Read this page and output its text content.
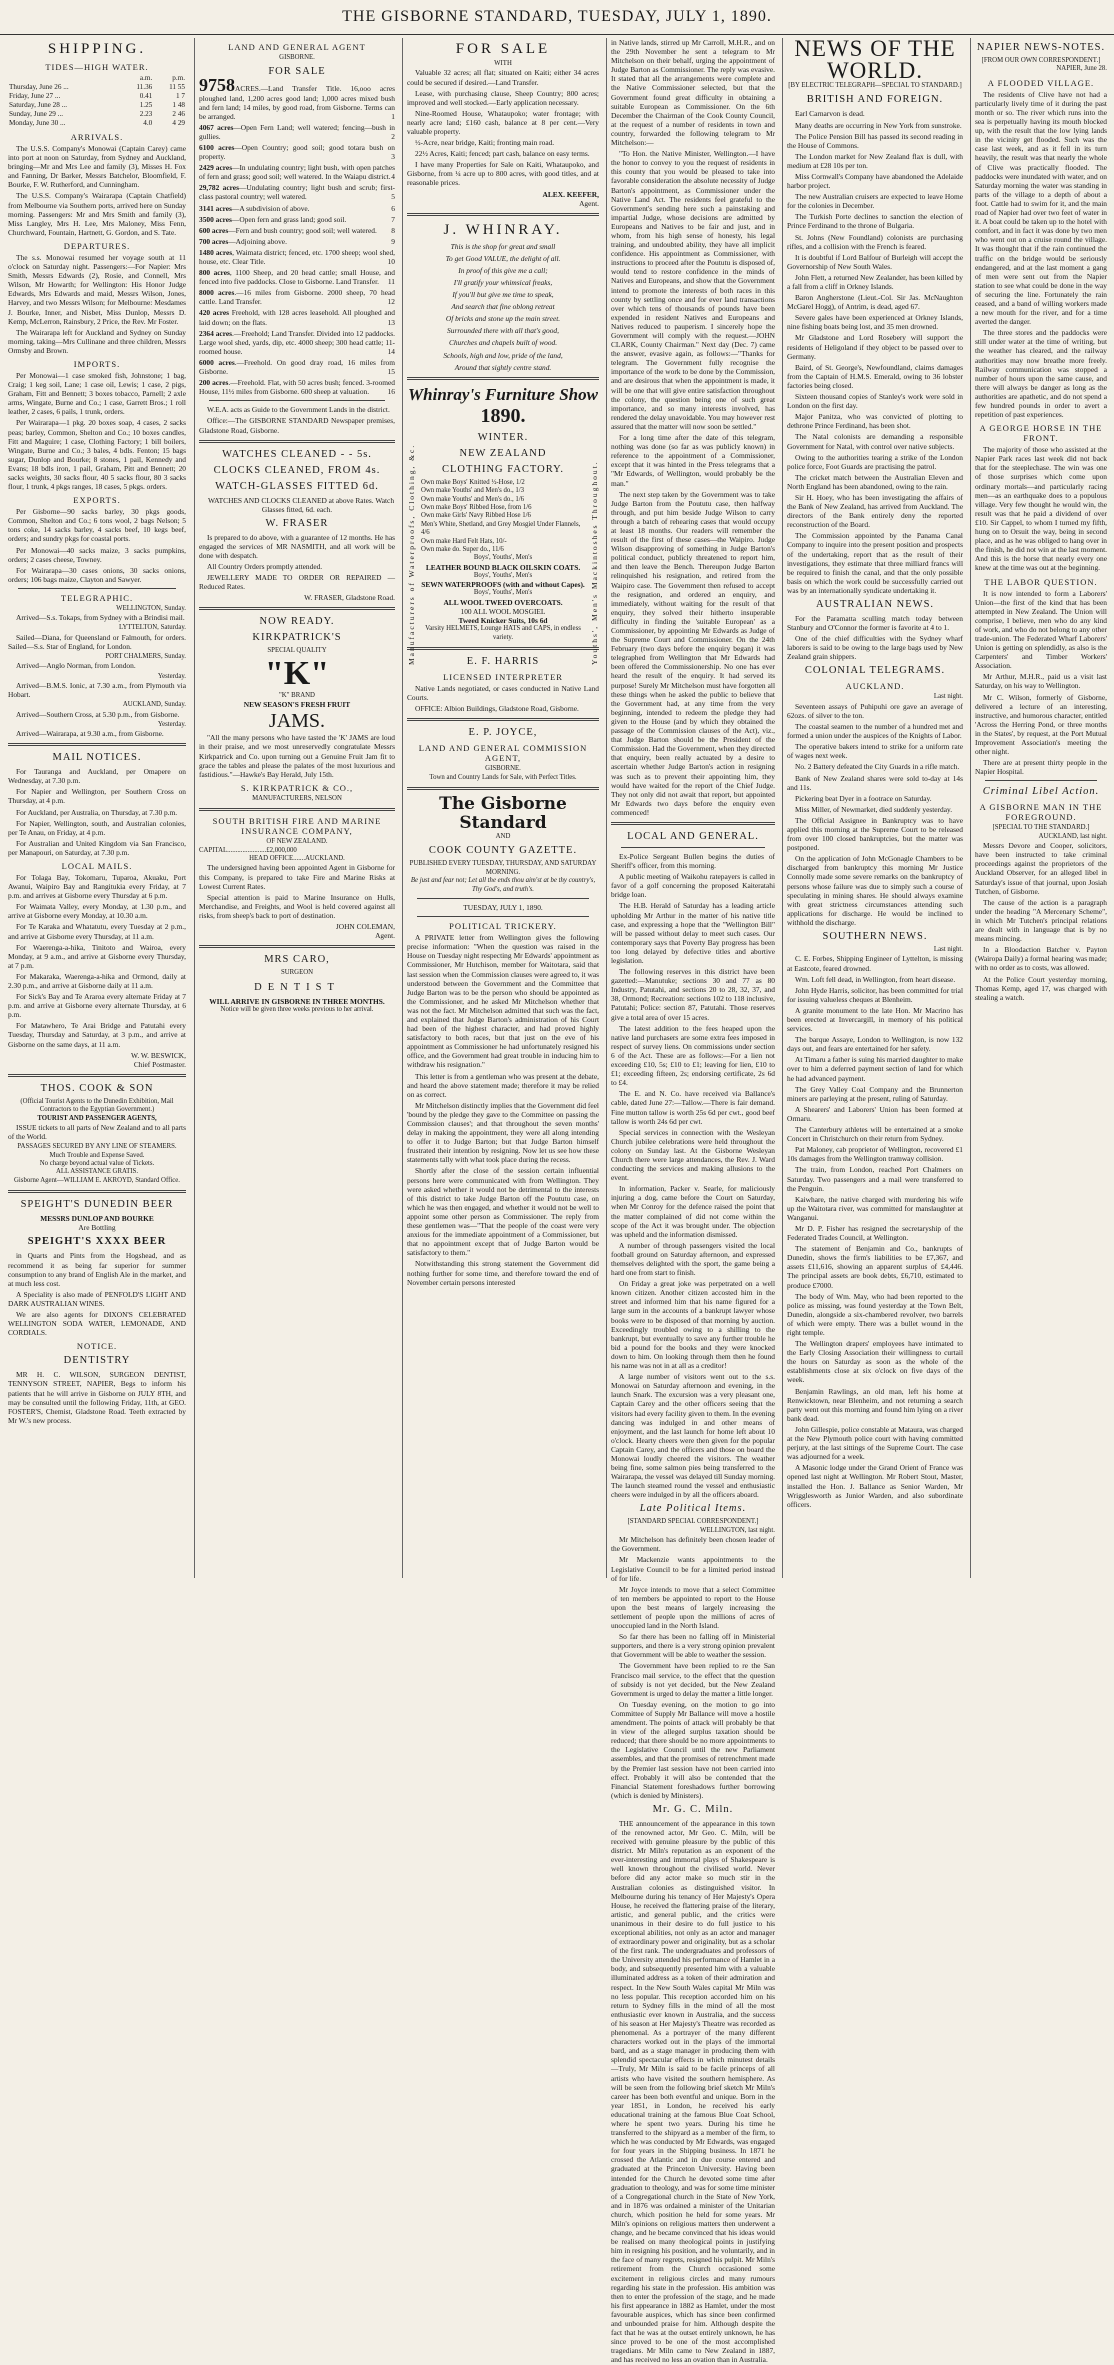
THE GISBORNE STANDARD, TUESDAY, JULY 1, 1890.
SHIPPING.
TIDES—HIGH WATER.
	a.m.	p.m.
Thursday, June 26 ...	11.36	11 55
Friday, June 27 ...	0.41	1 7
Saturday, June 28 ...	1.25	1 48
Sunday, June 29 ...	2.23	2 46
Monday, June 30 ...	4.0	4 29
ARRIVALS.

The U.S.S. Company's Monowai (Captain Carey) came into port at noon on Saturday, from Sydney and Auckland, bringing—Mr and Mrs Lee and family (3), Misses H. Fox and Fanning, Dr Barker, Messrs Batchelor, Bloomfield, F. Bourke, F. W. Rutherford, and Cunningham.

The U.S.S. Company's Wairarapa (Captain Chatfield) from Melbourne via Southern ports, arrived here on Sunday morning. Passengers: Mr and Mrs Smith and family (3), Miss Langley, Mrs H. Lee, Mrs Maloney, Miss Fenn, Churchward, Fountain, Hartnett, G. Gordon, and S. Tate.

DEPARTURES.

The s.s. Monowai resumed her voyage south at 11 o'clock on Saturday night. Passengers:—For Napier: Mrs Smith, Messrs Edwards (2), Rosie, and Connell, Mrs Wilson, Mr Howarth; for Wellington: His Honor Judge Edwards, Mrs Edwards and maid, Messrs Wilson, Jones, Harvey, and two Messrs Wilson; for Melbourne: Mesdames J. Bourke, Inner, and Nisbet, Miss Dunlop, Messrs D. Kemp, McLerron, Rainsbury, 2 Price, the Rev. Mr Foster.

The Wairarapa left for Auckland and Sydney on Sunday morning, taking—Mrs Cullinane and three children, Messrs Ormsby and Brown.

IMPORTS.

Per Monowai—1 case smoked fish, Johnstone; 1 bag, Craig; 1 keg soil, Lane; 1 case oil, Lewis; 1 case, 2 pigs, Graham, Fitt and Bennett; 3 boxes tobacco, Parnell; 2 axle arms, Wingate, Burne and Co.; 1 case, Garrett Bros.; 1 roll leather, 2 cases, 6 pails, 1 trunk, orders.

Per Wairarapa—1 pkg. 20 boxes soap, 4 cases, 2 sacks peas; barley, Common, Shelton and Co.; 10 boxes candles, Fitt and Maguire; 1 case, Clothing Factory; 1 bill boilers, Wingate, Burne and Co.; 3 bales, 4 bdls. Fenton; 15 bags sugar, Dunlop and Bourke; 8 stones, 1 pail, Kennedy and Evans; 18 bdls iron, 1 pail, Graham, Pitt and Bennett; 20 sacks weights, 30 sacks flour, 40 5 sacks flour, 80 3 sacks flour, 1 trunk, 4 pkgs ranges, 18 cases, 5 pkgs. orders.

EXPORTS.

Per Gisborne—90 sacks barley, 30 pkgs goods, Common, Shelton and Co.; 6 tons wool, 2 bags Nelson; 5 tons coke, 14 sacks barley, 4 sacks beef, 10 kegs beef, orders; and sundry pkgs for coastal ports.

Per Monowai—40 sacks maize, 3 sacks pumpkins, orders; 2 cases cheese, Towney.

For Wairarapa—30 cases onions, 30 sacks onions, orders; 106 bags maize, Clayton and Sawyer.

TELEGRAPHIC.
WELLINGTON, Sunday.

Arrived—S.s. Tokaps, from Sydney with a Brindisi mail.

LYTTELTON, Saturday.

Sailed—Diana, for Queensland or Falmouth, for orders. Sailed—S.s. Star of England, for London.

PORT CHALMERS, Sunday.

Arrived—Anglo Norman, from London.

Yesterday.

Arrived—B.M.S. Ionic, at 7.30 a.m., from Plymouth via Hobart.

AUCKLAND, Sunday.

Arrived—Southern Cross, at 5.30 p.m., from Gisborne.

Yesterday.

Arrived—Wairarapa, at 9.30 a.m., from Gisborne.

MAIL NOTICES.

For Tauranga and Auckland, per Omapere on Wednesday, at 7.30 p.m.

For Napier and Wellington, per Southern Cross on Thursday, at 4 p.m.

For Auckland, per Australia, on Thursday, at 7.30 p.m.

For Napier, Wellington, south, and Australian colonies, per Te Anau, on Friday, at 4 p.m.

For Australian and United Kingdom via San Francisco, per Manapouri, on Saturday, at 7.30 p.m.

LOCAL MAILS.

For Tolaga Bay, Tokomaru, Tuparoa, Akuaku, Port Awanui, Waipiro Bay and Rangitukia every Friday, at 7 p.m. and arrives at Gisborne every Thursday at 6 p.m.

For Waimata Valley, every Monday, at 1.30 p.m., and arrive at Gisborne every Monday, at 10.30 a.m.

For Te Karaka and Whatatutu, every Tuesday at 2 p.m., and arrive at Gisborne every Thursday, at 11 a.m.

For Waerenga-a-hika, Tinitoto and Wairoa, every Monday, at 9 a.m., and arrive at Gisborne every Thursday, at 7 p.m.

For Makaraka, Waerenga-a-hika and Ormond, daily at 2.30 p.m., and arrive at Gisborne daily at 11 a.m.

For Sick's Bay and Te Araroa every alternate Friday at 7 p.m. and arrive at Gisborne every alternate Thursday, at 6 p.m.

For Matawhero, Te Arai Bridge and Patutahi every Tuesday, Thursday and Saturday, at 3 p.m., and arrive at Gisborne on the same days, at 11 a.m.

W. W. BESWICK,
Chief Postmaster.
THOS. COOK & SON
(Official Tourist Agents to the Dunedin Exhibition, Mail Contractors to the Egyptian Government.)
TOURIST AND PASSENGER AGENTS,

ISSUE tickets to all parts of New Zealand and to all parts of the World.

PASSAGES SECURED BY ANY LINE OF STEAMERS.
Much Trouble and Expense Saved.
No charge beyond actual value of Tickets.
ALL ASSISTANCE GRATIS.
Gisborne Agent—WILLIAM E. AKROYD, Standard Office.
SPEIGHT'S DUNEDIN BEER
MESSRS DUNLOP AND BOURKE
Are Bottling
SPEIGHT'S XXXX BEER

in Quarts and Pints from the Hogshead, and as recommend it as being far superior for summer consumption to any brand of English Ale in the market, and at much less cost.

A Speciality is also made of PENFOLD'S LIGHT AND DARK AUSTRALIAN WINES.

We are also agents for DIXON'S CELEBRATED WELLINGTON SODA WATER, LEMONADE, AND CORDIALS.

NOTICE.
DENTISTRY

MR H. C. WILSON, SURGEON DENTIST, TENNYSON STREET, NAPIER, Begs to inform his patients that he will arrive in Gisborne on JULY 8TH, and may be consulted until the following Friday, 11th, at GEO. FOSTER'S, Chemist, Gladstone Road. Teeth extracted by Mr W.'s new process.

LAND AND GENERAL AGENT
GISBORNE.
FOR SALE

9758ACRES.—Land Transfer Title. 16,ooo acres ploughed land, 1,200 acres good land; 1,000 acres mixed bush and fern land; 14 miles, by good road, from Gisborne. Terms can be arranged.	1

4067 acres—Open Fern Land; well watered; fencing—bush in gullies.	2

6100 acres—Open Country; good soil; good totara bush on property.	3

2429 acres—In undulating country; light bush, with open patches of fern and grass; good soil; well watered. In the Waiapu district. 4

29,782 acres—Undulating country; light bush and scrub; first-class pastoral country; well watered.	5

3141 acres—A subdivision of above.	6

3500 acres—Open fern and grass land; good soil.	7

600 acres—Fern and bush country; good soil; well watered. 8

700 acres—Adjoining above.	9

1480 acres, Waimata district; fenced, etc. 1700 sheep; wool shed, house, etc. Clear Title.	10

800 acres, 1100 Sheep, and 20 head cattle; small House, and fenced into five paddocks. Close to Gisborne. Land Transfer. 11

8000 acres.—16 miles from Gisborne. 2000 sheep, 70 head cattle. Land Transfer.	12

420 acres Freehold, with 128 acres leasehold. All ploughed and laid down; on the flats.	13

2364 acres.—Freehold; Land Transfer. Divided into 12 paddocks. Large wool shed, yards, dip, etc. 4000 sheep; 300 head cattle; 11-roomed house.	14

6000 acres.—Freehold. On good dray road, 16 miles from Gisborne.	15

200 acres.—Freehold. Flat, with 50 acres bush; fenced. 3-roomed House, 11½ miles from Gisborne. 600 sheep at valuation.	16

W.E.A. acts as Guide to the Government Lands in the district.

Office:—The GISBORNE STANDARD Newspaper premises, Gladstone Road, Gisborne.

WATCHES CLEANED - - 5s.
CLOCKS CLEANED, FROM 4s.
WATCH-GLASSES FITTED 6d.

WATCHES AND CLOCKS CLEANED at above Rates. Watch Glasses fitted, 6d. each.

W. FRASER

Is prepared to do above, with a guarantee of 12 months. He has engaged the services of MR NASMITH, and all work will be done with despatch.

All Country Orders promptly attended.

JEWELLERY MADE TO ORDER OR REPAIRED — Reduced Rates.

W. FRASER, Gladstone Road.
NOW READY.
KIRKPATRICK'S
SPECIAL QUALITY
"K"
"K" BRAND
NEW SEASON'S FRESH FRUIT
JAMS.

"All the many persons who have tasted the 'K' JAMS are loud in their praise, and we most unreservedly congratulate Messrs Kirkpatrick and Co. upon turning out a Genuine Fruit Jam fit to grace the tables and please the palates of the most luxurious and fastidious."—Hawke's Bay Herald, July 15th.

S. KIRKPATRICK & CO.,
MANUFACTURERS, NELSON
SOUTH BRITISH FIRE AND MARINE INSURANCE COMPANY,
OF NEW ZEALAND.
CAPITAL.......................£2,000,000
HEAD OFFICE.......AUCKLAND.

The undersigned having been appointed Agent in Gisborne for this Company, is prepared to take Fire and Marine Risks at Lowest Current Rates.

Special attention is paid to Marine Insurance on Hulls, Merchandise, and Freights, and Wool is held covered against all risks, from sheep's back to port of destination.

JOHN COLEMAN,
Agent.
MRS CARO,
SURGEON
DENTIST
WILL ARRIVE IN GISBORNE IN THREE MONTHS.
Notice will be given three weeks previous to her arrival.
FOR SALE
WITH

Valuable 32 acres; all flat; situated on Kaiti; either 34 acres could be secured if desired.—Land Transfer.

Lease, with purchasing clause, Sheep Country; 800 acres; improved and well stocked.—Early application necessary.

Nine-Roomed House, Whataupoko; water frontage; with nearly acre land; £160 cash, balance at 8 per cent.—Very valuable property.

½-Acre, near bridge, Kaiti; fronting main road.

22½ Acres, Kaiti; fenced; part cash, balance on easy terms.

I have many Properties for Sale on Kaiti, Whataupoko, and Gisborne, from ¼ acre up to 800 acres, with good titles, and at reasonable prices.

ALEX. KEEFER,
Agent.
J. WHINRAY.
This is the shop for great and small
To get Good VALUE, the delight of all.
In proof of this give me a call;
I'll gratify your whimsical freaks,
If you'll but give me time to speak,
And search that fine oblong retreat
Of bricks and stone up the main street.
Surrounded there with all that's good,
Churches and chapels built of wood.
Schools, high and low, pride of the land,
Around that sightly centre stand.
Whinray's Furniture Show
Manufacturers of Waterproofs, Clothing, &c.	Youths', Men's Mackintoshes Throughout.
1890.
WINTER.
NEW ZEALAND
CLOTHING FACTORY.
Own make Boys' Knitted ½-Hose, 1/2
Own make Youths' and Men's do., 1/3
Own make Youths' and Men's do., 1/6
Own make Boys' Ribbed Hose, from 1/6
Own make Girls' Navy Ribbed Hose 1/6
Men's White, Shetland, and Grey Mosgiel Under Flannels, 4/6
Own make Hard Felt Hats, 10/-
Own make do. Super do., 11/6
Boys', Youths', Men's
LEATHER BOUND BLACK OILSKIN COATS.
Boys', Youths', Men's
SEWN WATERPROOFS (with and without Capes).
Boys', Youths', Men's
ALL WOOL TWEED OVERCOATS.
100 ALL WOOL MOSGIEL
Tweed Knicker Suits, 10s 6d
Varsity HELMETS, Lounge HATS and CAPS, in endless variety.
E. F. HARRIS
LICENSED INTERPRETER

Native Lands negotiated, or cases conducted in Native Land Courts.

OFFICE: Albion Buildings, Gladstone Road, Gisborne.

E. P. JOYCE,
LAND AND GENERAL COMMISSION AGENT,
GISBORNE.
Town and Country Lands for Sale, with Perfect Titles.
The Gisborne Standard
AND
COOK COUNTY GAZETTE.
PUBLISHED EVERY TUESDAY, THURSDAY, AND SATURDAY MORNING.
Be just and fear not; Let all the ends thou aim'st at be thy country's, Thy God's, and truth's.
TUESDAY, JULY 1, 1890.
POLITICAL TRICKERY.

A PRIVATE letter from Wellington gives the following precise information: "When the question was raised in the House on Tuesday night respecting Mr Edwards' appointment as Commissioner, Mr Hutchison, member for Waitotara, said that last session when the Commission clauses were agreed to, it was understood between the Government and the Committee that Judge Barton was to be the person who should be appointed as the Commissioner, and he asked Mr Mitchelson whether that was not the fact. Mr Mitchelson admitted that such was the fact, and explained that Judge Barton's administration of his Court had been of the highest character, and had proved highly satisfactory to both races, but that just on the eve of his appointment as Commissioner he had unfortunately resigned his office, and the Government had great trouble in inducing him to withdraw his resignation."

This letter is from a gentleman who was present at the debate, and heard the above statement made; therefore it may be relied on as correct.

Mr Mitchelson distinctly implies that the Government did feel 'bound by the pledge they gave to the Committee on passing the Commission clauses'; and that throughout the seven months' delay in making the appointment, they were all along intending to offer it to Judge Barton; but that Judge Barton himself frustrated their intention by resigning. Now let us see how these statements tally with what took place during the recess.

Shortly after the close of the session certain influential persons here were communicated with from Wellington. They were asked whether it would not be detrimental to the interests of this district to take Judge Barton off the Poututu case, on which he was then engaged, and whether it would not be well to appoint some other person as Commissioner. The reply from these gentlemen was—"That the people of the coast were very anxious for the immediate appointment of a Commissioner, but that no appointment except that of Judge Barton would be satisfactory to them."

Notwithstanding this strong statement the Government did nothing further for some time, and therefore toward the end of November certain persons interested

in Native lands, stirred up Mr Carroll, M.H.R., and on the 29th November he sent a telegram to Mr Mitchelson on their behalf, urging the appointment of Judge Barton as Commissioner. The reply was evasive. It stated that all the arrangements were complete and the Native Commissioner selected, but that the Government found great difficulty in obtaining a suitable European as Commissioner. On the 6th December the Chairman of the Cook County Council, at the request of a number of residents in town and country, forwarded the following telegram to Mr Mitchelson:—

"To Hon. the Native Minister, Wellington.—I have the honor to convey to you the request of residents in this county that you would be pleased to take into favorable consideration the absolute necessity of Judge Barton's appointment, as Commissioner under the Native Land Act. The residents feel grateful to the Government's sending here such a painstaking and impartial Judge, whose decisions are admitted by Europeans and Natives to be fair and just, and in whom, from his high sense of honesty, his legal training, and undoubted ability, they have all implicit confidence. His appointment as Commissioner, with instructions to proceed after the Poututu is disposed of, would tend to restore confidence in the minds of Natives and Europeans, and show that the Government intend to promote the interests of both races in this county by settling once and for ever land transactions over which tens of thousands of pounds have been expended in resident Natives and Europeans and Natives reduced to pauperism. I sincerely hope the Government will comply with the request.—JOHN CLARK, County Chairman." Next day (Dec. 7) came the answer, evasive again, as follows:—"Thanks for telegram. The Government fully recognise the importance of the work to be done by the Commission, and are desirous that when the appointment is made, it will be one that will give entire satisfaction throughout the colony, the question being one of such great importance, and so many interests involved, has rendered the delay unavoidable. You may however rest assured that the matter will now soon be settled."

For a long time after the date of this telegram, nothing was done (so far as was publicly known) in reference to the appointment of a Commissioner, except that it was hinted in the Press telegrams that a "Mr Edwards, of Wellington, would probably be the man."

The next step taken by the Government was to take Judge Barton from the Poututu case, then halfway through, and put him beside Judge Wilson to carry through a batch of rehearing cases that would occupy at least 18 months. Our readers will remember the result of the first of these cases—the Waipiro. Judge Wilson disapproving of something in Judge Barton's political conduct, publicly threatened to report him, and then leave the Bench. Thereupon Judge Barton relinquished his resignation, and retired from the Waipiro case. The Government then refused to accept the resignation, and ordered an enquiry, and immediately, without waiting for the result of that enquiry, they solved their hitherto insuperable difficulty in finding the 'suitable European' as a Commissioner, by appointing Mr Edwards as Judge of the Supreme Court and Commissioner. On the 24th February (two days before the enquiry began) it was telegraphed from Wellington that Mr Edwards had been offered the Commissionership. No one has ever heard the result of the enquiry. It had served its purpose! Surely Mr Mitchelson must have forgotten all these things when he asked the public to believe that the Government had, at any time from the very beginning, intended to redeem the pledge they had given to the House (and by which they obtained the passage of the Commission clauses of the Act), viz., that Judge Barton should be the President of the Commission. Had the Government, when they directed that enquiry, been really actuated by a desire to ascertain whether Judge Barton's action in resigning was such as to prevent their appointing him, they would have waited for the report of the Chief Judge. They not only did not await that report, but appointed Mr Edwards two days before the enquiry even commenced!

LOCAL AND GENERAL.

Ex-Police Sergeant Bullen begins the duties of Sheriff's officer, from this morning.

A public meeting of Waikohu ratepayers is called in favor of a golf concerning the proposed Kaiteratahi bridge loan.

The H.B. Herald of Saturday has a leading article upholding Mr Arthur in the matter of his native title case, and expressing a hope that the "Wellington Bill" will be passed without delay to meet such cases. Our contemporary says that Poverty Bay progress has been too long delayed by defective titles and abortive legislation.

The following reserves in this district have been gazetted:—Manutuke; sections 30 and 77 as 80 Industry, Patutahi, and sections 20 to 28, 32, 37, and 38, Ormond; Recreation: sections 102 to 118 inclusive, Patutahi; Police: section 87, Patutahi. Those reserves give a total area of over 15 acres.

The latest addition to the fees heaped upon the native land purchasers are some extra fees imposed in respect of survey liens. On commissions under section 6 of the Act. These are as follows:—For a lien not exceeding £10, 5s; £10 to £1; leaving for lien, £10 to £1; exceeding fifteen, 2s; endorsing certificate, 2s 6d to £4.

The E. and N. Co. have received via Ballance's cable, dated June 27:—Tallow.—There is fair demand. Fine mutton tallow is worth 25s 6d per cwt., good beef tallow is worth 24s 6d per cwt.

Special services in connection with the Wesleyan Church jubilee celebrations were held throughout the colony on Sunday last. At the Gisborne Wesleyan Church there were large attendances, the Rev. J. Ward conducting the services and making allusions to the event.

In information, Packer v. Searle, for maliciously injuring a dog, came before the Court on Saturday, when Mr Conroy for the defence raised the point that the matter complained of did not come within the scope of the Act it was brought under. The objection was upheld and the information dismissed.

A number of through passengers visited the local football ground on Saturday afternoon, and expressed themselves delighted with the sport, the game being a hard one from start to finish.

On Friday a great joke was perpetrated on a well known citizen. Another citizen accosted him in the street and informed him that his name figured for a large sum in the accounts of a bankrupt lawyer whose books were to be disposed of that morning by auction. Exceedingly troubled owing to a shilling to the bankrupt, but eventually to save any further trouble he bid a pound for the books and they were knocked down to him. On looking through them then he found his name was not in at all as a creditor!

A large number of visitors went out to the s.s. Monowai on Saturday afternoon and evening, in the launch Snark. The excursion was a very pleasant one, Captain Carey and the other officers seeing that the visitors had every facility given to them. In the evening dancing was indulged in and other means of enjoyment, and the last launch for home left about 10 o'clock. Hearty cheers were then given for the popular Captain Carey, and the officers and those on board the Monowai loudly cheered the visitors. The weather being fine, some salmon pies being transferred to the Wairarapa, the vessel was delayed till Sunday morning. The launch steamed round the vessel and enthusiastic cheers were indulged in by all the officers aboard.

Late Political Items.
[STANDARD SPECIAL CORRESPONDENT.]
WELLINGTON, last night.

Mr Mitchelson has definitely been chosen leader of the Government.

Mr Mackenzie wants appointments to the Legislative Council to be for a limited period instead of for life.

Mr Joyce intends to move that a select Committee of ten members be appointed to report to the House upon the best means of largely increasing the settlement of people upon the millions of acres of unoccupied land in the North Island.

So far there has been no falling off in Ministerial supporters, and there is a very strong opinion prevalent that Government will be able to weather the session.

The Government have been replied to re the San Francisco mail service, to the effect that the question of subsidy is not yet decided, but the New Zealand Government is urged to delay the matter a little longer.

On Tuesday evening, on the motion to go into Committee of Supply Mr Ballance will move a hostile amendment. The points of attack will probably be that in view of the alleged surplus taxation should be reduced; that there should be no more appointments to the Legislative Council until the new Parliament assembles, and that the promises of retrenchment made by the Premier last session have not been carried into effect. Probably it will also be contended that the Financial Statement foreshadows further borrowing (which is denied by Ministers).

Mr. G. C. Miln.

THE announcement of the appearance in this town of the renowned actor, Mr Geo. C. Miln, will be received with genuine pleasure by the public of this district. Mr Miln's reputation as an exponent of the ever-interesting and immortal plays of Shakespeare is well known throughout the civilised world. Never before did any actor make so much stir in the Australian colonies as distinguished visitor. In Melbourne during his tenancy of Her Majesty's Opera House, he received the flattering praise of the literary, artistic, and general public, and the critics were unanimous in their desire to do full justice to his exceptional abilities, not only as an actor and manager of extraordinary power and originality, but as a scholar of the first rank. The undergraduates and professors of the University attended his performance of Hamlet in a body, and subsequently presented him with a valuable illuminated address as a token of their admiration and respect. In the New South Wales capital Mr Miln was no less popular. This reception accorded him on his return to Sydney fills in the mind of all the most enthusiastic ever known in Australia, and the success of his season at Her Majesty's Theatre was recorded as phenomenal. As a portrayer of the many different characters worked out in the plays of the immortal bard, and as a stage manager in producing them with splendid spectacular effects in which minutest details—Truly, Mr Miln is said to be facile princeps of all artists who have visited the southern hemisphere. As will be seen from the following brief sketch Mr Miln's career has been both eventful and unique. Born in the year 1851, in London, he received his early educational training at the famous Blue Coat School, where he spent two years. During his time he transferred to the shipyard as a member of the firm, to which he was conducted by Mr Edwards, was engaged for four years in the Shipping business. In 1871 he crossed the Atlantic and in due course entered and graduated at the Princeton University. Having been intended for the Church he devoted some time after graduation to theology, and was for some time minister of a Congregational church in the State of New York, and in 1876 was ordained a minister of the Unitarian church, which position he held for some years. Mr Miln's opinions on religious matters then underwent a change, and he became convinced that his ideas would be realised on many theological points in justifying him in resigning his position, and he voluntarily, and in the face of many regrets, resigned his pulpit. Mr Miln's retirement from the Church occasioned some excitement in religious circles and many rumours regarding his state in the profession. His ambition was then to enter the profession of the stage, and he made his first appearance in 1882 as Hamlet, under the most favourable auspices, which has since been confirmed and unbounded praise for him. Although despite the fact that he was at the outset entirely unknown, he has since proved to be one of the most accomplished tragedians. Mr Miln came to New Zealand in 1887, and has received no less an ovation than in Australia.

NEWS OF THE WORLD.
[BY ELECTRIC TELEGRAPH—SPECIAL TO STANDARD.]
BRITISH AND FOREIGN.

Earl Carnarvon is dead.

Many deaths are occurring in New York from sunstroke.

The Police Pension Bill has passed its second reading in the House of Commons.

The London market for New Zealand flax is dull, with medium at £28 10s per ton.

Miss Cornwall's Company have abandoned the Adelaide harbor project.

The new Australian cruisers are expected to leave Home for the colonies in December.

The Turkish Porte declines to sanction the election of Prince Ferdinand to the throne of Bulgaria.

St. Johns (New Foundland) colonists are purchasing rifles, and a collision with the French is feared.

It is doubtful if Lord Balfour of Burleigh will accept the Governorship of New South Wales.

John Flett, a returned New Zealander, has been killed by a fall from a cliff in Orkney Islands.

Baron Angherstone (Lieut.-Col. Sir Jas. McNaughton McGarel Hogg), of Antrim, is dead, aged 67.

Severe gales have been experienced at Orkney Islands, nine fishing boats being lost, and 35 men drowned.

Mr Gladstone and Lord Rosebery will support the residents of Heligoland if they object to be passed over to Germany.

Baird, of St. George's, Newfoundland, claims damages from the Captain of H.M.S. Emerald, owing to 36 lobster factories being closed.

Sixteen thousand copies of Stanley's work were sold in London on the first day.

Major Panitza, who was convicted of plotting to dethrone Prince Ferdinand, has been shot.

The Natal colonists are demanding a responsible Government for Natal, with control over native subjects.

Owing to the authorities tearing a strike of the London police force, Foot Guards are practising the patrol.

The cricket match between the Australian Eleven and North England has been abandoned, owing to the rain.

Sir H. Hoey, who has been investigating the affairs of the Bank of New Zealand, has arrived from Auckland. The directors of the Bank entirely deny the reported reconstruction of the Board.

The Commission appointed by the Panama Canal Company to inquire into the present position and prospects of the undertaking, report that as the result of their investigations, they estimate that three milliard francs will be required to finish the canal, and that the only possible basis on which the work could be successfully carried out was by an internationally syndicate undertaking it.

AUSTRALIAN NEWS.

For the Paramatta sculling match today between Stanbury and O'Connor the former is favorite at 4 to 1.

One of the chief difficulties with the Sydney wharf laborers is said to be owing to the large bags used by New Zealand grain shippers.

COLONIAL TELEGRAMS.
AUCKLAND.
Last night.

Seventeen assays of Puhipuhi ore gave an average of 62ozs. of silver to the ton.

The coastal seamen to the number of a hundred met and formed a union under the auspices of the Knights of Labor.

The operative bakers intend to strike for a uniform rate of wages next week.

No. 2 Battery defeated the City Guards in a rifle match.

Bank of New Zealand shares were sold to-day at 14s and 11s.

Pickering beat Dyer in a footrace on Saturday.

Miss Miller, of Newmarket, died suddenly yesterday.

The Official Assignee in Bankruptcy was to have applied this morning at the Supreme Court to be released from over 100 closed bankruptcies, but the matter was postponed.

On the application of John McGonagle Chambers to be discharged from bankruptcy this morning Mr Justice Connolly made some severe remarks on the bankruptcy of persons whose failure was due to simply such a course of speculating in mining shares. He should always examine with great strictness circumstances attending such applications for discharge. He would be inclined to withhold the discharge.

SOUTHERN NEWS.
Last night.

C. E. Forbes, Shipping Engineer of Lyttelton, is missing at Eastcote, feared drowned.

Wm. Loft fell dead, in Wellington, from heart disease.

John Hyde Harris, solicitor, has been committed for trial for issuing valueless cheques at Blenheim.

A granite monument to the late Hon. Mr Macrino has been erected at Invercargill, in memory of his political services.

The barque Assaye, London to Wellington, is now 132 days out, and fears are entertained for her safety.

At Timaru a father is suing his married daughter to make over to him a deferred payment section of land for which he had advanced payment.

The Grey Valley Coal Company and the Brunnerton miners are parleying at the present, ruling of Saturday.

A Shearers' and Laborers' Union has been formed at Ormaru.

The Canterbury athletes will be entertained at a smoke Concert in Christchurch on their return from Sydney.

Pat Maloney, cab proprietor of Wellington, recovered £1 10s damages from the Wellington tramway collision.

The train, from London, reached Port Chalmers on Saturday. Two passengers and a mail were transferred to the Penguin.

Kaiwhare, the native charged with murdering his wife up the Waitotara river, was committed for manslaughter at Wanganui.

Mr D. P. Fisher has resigned the secretaryship of the Federated Trades Council, at Wellington.

The statement of Benjamin and Co., bankrupts of Dunedin, shows the firm's liabilities to be £7,367, and assets £11,616, showing an apparent surplus of £4,446. The principal assets are book debts, £6,710, estimated to produce £7000.

The body of Wm. May, who had been reported to the police as missing, was found yesterday at the Town Belt, Dunedin, alongside a six-chambered revolver, two barrels of which were empty. There was a bullet wound in the right temple.

The Wellington drapers' employees have intimated to the Early Closing Association their willingness to curtail the hours on Saturday as soon as the whole of the establishments close at six o'clock on five days of the week.

Benjamin Rawlings, an old man, left his home at Renwicktown, near Blenheim, and not returning a search party went out this morning and found him lying on a river bank dead.

John Gillespie, police constable at Mataura, was charged at the New Plymouth police court with having committed perjury, at the last sittings of the Supreme Court. The case was adjourned for a week.

A Masonic lodge under the Grand Orient of France was opened last night at Wellington. Mr Robert Stout, Master, installed the Hon. J. Ballance as Senior Warden, Mr Wrigglesworth as Junior Warden, and also subordinate officers.

NAPIER NEWS-NOTES.
[FROM OUR OWN CORRESPONDENT.]
NAPIER, June 28.
A FLOODED VILLAGE.

The residents of Clive have not had a particularly lively time of it during the past month or so. The river which runs into the sea is perpetually having its mouth blocked up, with the result that the low lying lands in the vicinity get flooded. Such was the case last week, and as it fell in its turn heavily, the result was that nearly the whole of Clive was practically flooded. The paddocks were inundated with water, and on Saturday morning the water was standing in parts of the village to a depth of about a foot. Cattle had to swim for it, and the main road of Napier had over two feet of water in it. A boat could be taken up to the hotel with comfort, and in fact it was done by two men who went out on a cruise round the village. It was thought that if the rain continued the traffic on the bridge would be seriously endangered, and at the last moment a gang of men were sent out from the Napier station to see what could be done in the way of securing the line. Fortunately the rain ceased, and a band of willing workers made a new mouth for the river, and for a time averted the danger.

The three stores and the paddocks were still under water at the time of writing, but the weather has cleared, and the railway authorities may now breathe more freely. Railway communication was stopped a number of hours upon the same cause, and there will always be danger as long as the authorities are apathetic, and do not spend a few hundred pounds in order to avert a repetition of past experiences.

A GEORGE HORSE IN THE FRONT.

The majority of those who assisted at the Napier Park races last week did not back that for the steeplechase. The win was one of those surprises which come upon ordinary mortals—and particularly racing men—as an earthquake does to a populous village. Very few thought he would win, the result was that he paid a dividend of over £10. Sir Cappel, to whom I turned my fifth, hung on to Orsuit the way, being in second place, and as he was obliged to hang over in the finish, he did not win at the last moment. And this is the horse that nearly every one knew at the time was out at the beginning.

THE LABOR QUESTION.

It is now intended to form a Laborers' Union—the first of the kind that has been attempted in New Zealand. The Union will comprise, I believe, men who do any kind of work, and who do not belong to any other trade-union. The Federated Wharf Laborers' Union is getting on splendidly, as also is the Carpenters' and Timber Workers' Association.

Mr Arthur, M.H.R., paid us a visit last Saturday, on his way to Wellington.

Mr C. Wilson, formerly of Gisborne, delivered a lecture of an interesting, instructive, and humorous character, entitled 'Across the Herring Pond, or three months in the States', by request, at the Port Mutual Improvement Association's meeting the other night.

There are at present thirty people in the Napier Hospital.

Criminal Libel Action.
A GISBORNE MAN IN THE FOREGROUND.
[SPECIAL TO THE STANDARD.]
AUCKLAND, last night.

Messrs Devore and Cooper, solicitors, have been instructed to take criminal proceedings against the proprietors of the Auckland Observer, for an alleged libel in Saturday's issue of that journal, upon Josiah Tutchen, of Gisborne.

The cause of the action is a paragraph under the heading "A Mercenary Scheme", in which Mr Tutchen's principal relations are dealt with in language that is by no means mincing.

In a Bloodaction Batcher v. Payton (Wairopa Daily) a formal hearing was made; with no order as to costs, was allowed.

At the Police Court yesterday morning, Thomas Kemp, aged 17, was charged with stealing a watch.
